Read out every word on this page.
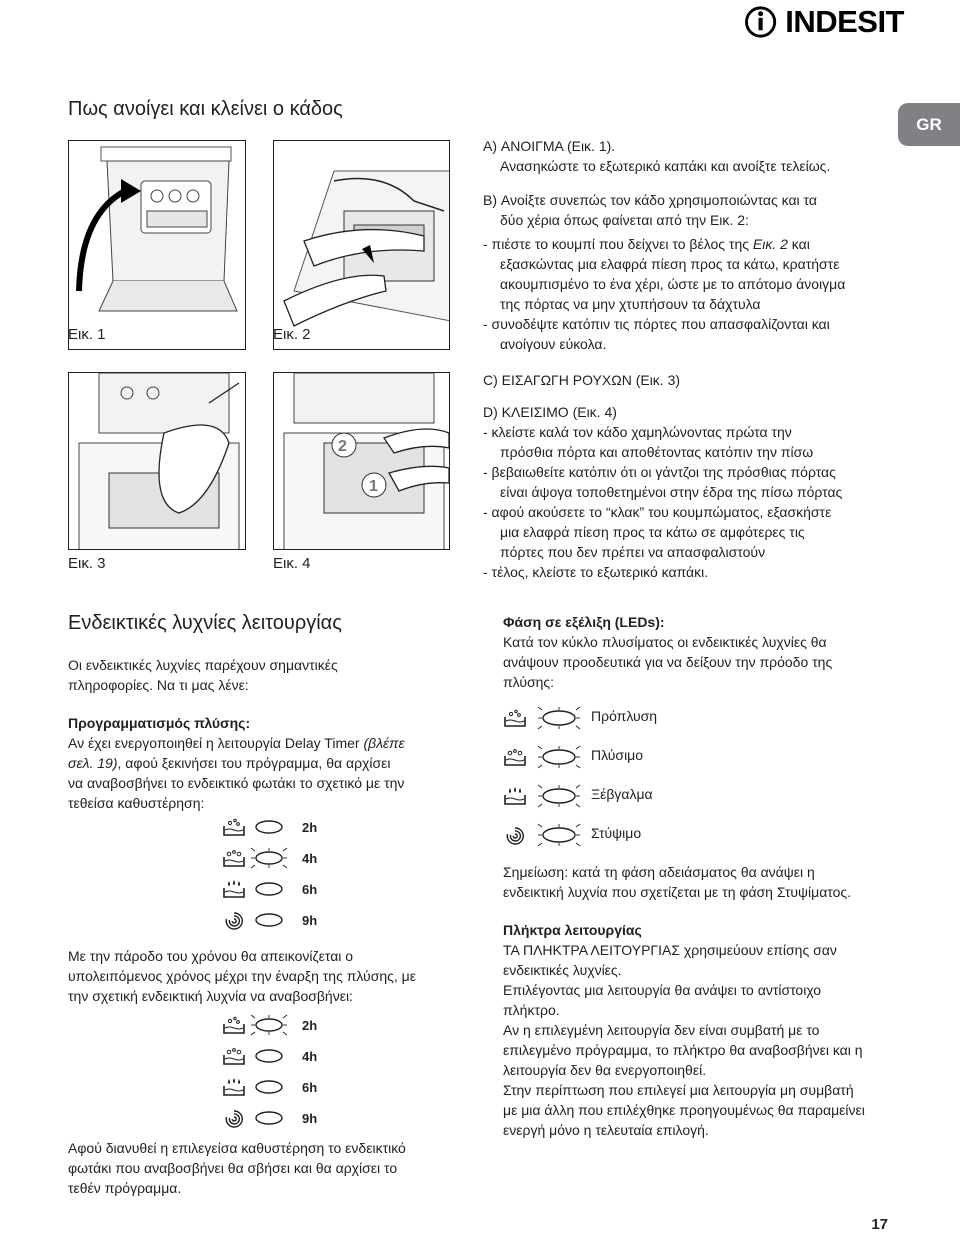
INDESIT
GR
Πως ανοίγει και κλείνει ο κάδος
Εικ. 1	Εικ. 2
Εικ. 3
2
1
Εικ. 4

A) ΑΝΟΙΓΜΑ (Εικ. 1).

Ανασηκώστε το εξωτερικό καπάκι και ανοίξτε τελείως.

B) Ανοίξτε συνεπώς τον κάδο χρησιμοποιώντας και τα

δύο χέρια όπως φαίνεται από την Εικ. 2:

- πιέστε το κουμπί που δείχνει το βέλος της Εικ. 2 και

εξασκώντας μια ελαφρά πίεση προς τα κάτω, κρατήστε

ακουμπισμένο το ένα χέρι, ώστε με το απότομο άνοιγμα

της πόρτας να μην χτυπήσουν τα δάχτυλα

- συνοδέψτε κατόπιν τις πόρτες που απασφαλίζονται και

ανοίγουν εύκολα.

C) ΕΙΣΑΓΩΓΗ ΡΟΥΧΩΝ (Εικ. 3)

D) ΚΛΕΙΣΙΜΟ (Εικ. 4)

- κλείστε καλά τον κάδο χαμηλώνοντας πρώτα την

πρόσθια πόρτα και αποθέτοντας κατόπιν την πίσω

- βεβαιωθείτε κατόπιν ότι οι γάντζοι της πρόσθιας πόρτας

είναι άψογα τοποθετημένοι στην έδρα της πίσω πόρτας

- αφού ακούσετε το “κλακ” του κουμπώματος, εξασκήστε

μια ελαφρά πίεση προς τα κάτω σε αμφότερες τις

πόρτες που δεν πρέπει να απασφαλιστούν

- τέλος, κλείστε το εξωτερικό καπάκι.

Ενδεικτικές λυχνίες λειτουργίας

Οι ενδεικτικές λυχνίες παρέχουν σημαντικές

πληροφορίες. Να τι μας λένε:

Προγραμματισμός πλύσης:

Αν έχει ενεργοποιηθεί η λειτουργία Delay Timer (βλέπε

σελ. 19), αφού ξεκινήσει του πρόγραμμα, θα αρχίσει

να αναβοσβήνει το ενδεικτικό φωτάκι το σχετικό με την

τεθείσα καθυστέρηση:

2h
4h
6h
9h

Με την πάροδο του χρόνου θα απεικονίζεται ο

υπολειπόμενος χρόνος μέχρι την έναρξη της πλύσης, με

την σχετική ενδεικτική λυχνία να αναβοσβήνει:

2h
4h
6h
9h

Αφού διανυθεί η επιλεγείσα καθυστέρηση το ενδεικτικό

φωτάκι που αναβοσβήνει θα σβήσει και θα αρχίσει το

τεθέν πρόγραμμα.

Φάση σε εξέλιξη (LEDs):

Κατά τον κύκλο πλυσίματος οι ενδεικτικές λυχνίες θα

ανάψουν προοδευτικά για να δείξουν την πρόοδο της

πλύσης:

Πρόπλυση
Πλύσιμο
Ξέβγαλμα
Στύψιμο

Σημείωση: κατά τη φάση αδειάσματος θα ανάψει η

ενδεικτική λυχνία που σχετίζεται με τη φάση Στυψίματος.

Πλήκτρα λειτουργίας

ΤΑ ΠΛΗΚΤΡΑ ΛΕΙΤΟΥΡΓΙΑΣ χρησιμεύουν επίσης σαν

ενδεικτικές λυχνίες.

Επιλέγοντας μια λειτουργία θα ανάψει το αντίστοιχο

πλήκτρο.

Αν η επιλεγμένη λειτουργία δεν είναι συμβατή με το

επιλεγμένο πρόγραμμα, το πλήκτρο θα αναβοσβήνει και η

λειτουργία δεν θα ενεργοποιηθεί.

Στην περίπτωση που επιλεγεί μια λειτουργία μη συμβατή

με μια άλλη που επιλέχθηκε προηγουμένως θα παραμείνει

ενεργή μόνο η τελευταία επιλογή.

17
